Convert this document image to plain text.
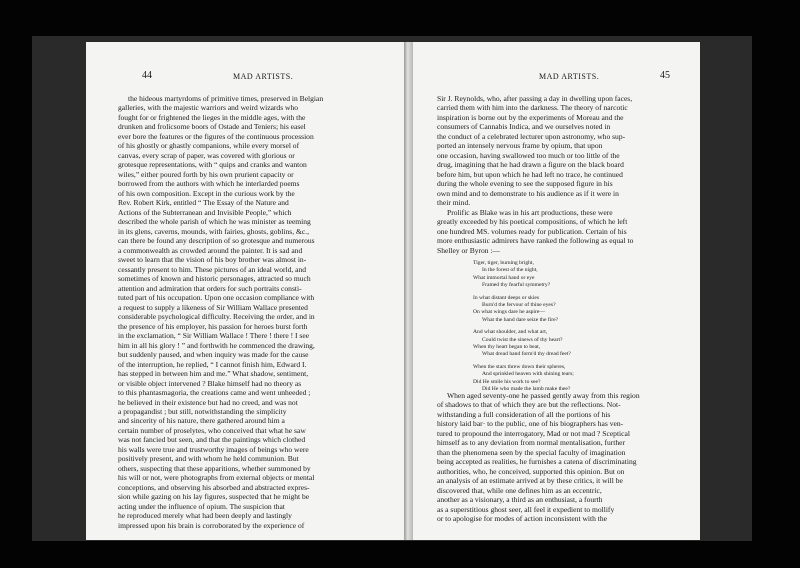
44	MAD ARTISTS.
the hideous martyrdoms of primitive times, preserved in Belgian
galleries, with the majestic warriors and weird wizards who
fought for or frightened the lieges in the middle ages, with the
drunken and frolicsome boors of Ostade and Teniers; his easel
ever bore the features or the figures of the continuous procession
of his ghostly or ghastly companions, while every morsel of
canvas, every scrap of paper, was covered with glorious or
grotesque representations, with “ quips and cranks and wanton
wiles,” either poured forth by his own prurient capacity or
borrowed from the authors with which he interlarded poems
of his own composition. Except in the curious work by the
Rev. Robert Kirk, entitled “ The Essay of the Nature and
Actions of the Subterranean and Invisible People,” which
described the whole parish of which he was minister as teeming
in its glens, caverns, mounds, with fairies, ghosts, goblins, &c.,
can there be found any description of so grotesque and numerous
a commonwealth as crowded around the painter. It is sad and
sweet to learn that the vision of his boy brother was almost in-
cessantly present to him. These pictures of an ideal world, and
sometimes of known and historic personages, attracted so much
attention and admiration that orders for such portraits consti-
tuted part of his occupation. Upon one occasion compliance with
a request to supply a likeness of Sir William Wallace presented
considerable psychological difficulty. Receiving the order, and in
the presence of his employer, his passion for heroes burst forth
in the exclamation, “ Sir William Wallace ! There ! there ! I see
him in all his glory ! ” and forthwith he commenced the drawing,
but suddenly paused, and when inquiry was made for the cause
of the interruption, he replied, “ I cannot finish him, Edward I.
has stepped in between him and me.” What shadow, sentiment,
or visible object intervened ? Blake himself had no theory as
to this phantasmagoria, the creations came and went unheeded ;
he believed in their existence but had no creed, and was not
a propagandist ; but still, notwithstanding the simplicity
and sincerity of his nature, there gathered around him a
certain number of proselytes, who conceived that what he saw
was not fancied but seen, and that the paintings which clothed
his walls were true and trustworthy images of beings who were
positively present, and with whom he held communion. But
others, suspecting that these apparitions, whether summoned by
his will or not, were photographs from external objects or mental
conceptions, and observing his absorbed and abstracted expres-
sion while gazing on his lay figures, suspected that he might be
acting under the influence of opium. The suspicion that
he reproduced merely what had been deeply and lastingly
impressed upon his brain is corroborated by the experience of
MAD ARTISTS.	45
Sir J. Reynolds, who, after passing a day in dwelling upon faces,
carried them with him into the darkness. The theory of narcotic
inspiration is borne out by the experiments of Moreau and the
consumers of Cannabis Indica, and we ourselves noted in
the conduct of a celebrated lecturer upon astronomy, who sup-
ported an intensely nervous frame by opium, that upon
one occasion, having swallowed too much or too little of the
drug, imagining that he had drawn a figure on the black board
before him, but upon which he had left no trace, he continued
during the whole evening to see the supposed figure in his
own mind and to demonstrate to his audience as if it were in
their mind.
Prolific as Blake was in his art productions, these were
greatly exceeded by his poetical compositions, of which he left
one hundred MS. volumes ready for publication. Certain of his
more enthusiastic admirers have ranked the following as equal to
Shelley or Byron :—
Tiger, tiger, burning bright,
In the forest of the night,
What immortal hand or eye
Framed thy fearful symmetry?
In what distant deeps or skies
Burn'd the fervour of thine eyes?
On what wings dare he aspire—
What the hand dare seize the fire?
And what shoulder, and what art,
Could twist the sinews of thy heart?
When thy heart began to beat,
What dread hand form'd thy dread feet?
When the stars threw down their spheres,
And sprinkled heaven with shining tears;
Did He smile his work to see?
Did He who made the lamb make thee?
When aged seventy-one he passed gently away from this region
of shadows to that of which they are but the reflections. Not-
withstanding a full consideration of all the portions of his
history laid bar· to the public, one of his biographers has ven-
tured to propound the interrogatory, Mad or not mad ? Sceptical
himself as to any deviation from normal mentalisation, further
than the phenomena seen by the special faculty of imagination
being accepted as realities, he furnishes a catena of discriminating
authorities, who, he conceived, supported this opinion. But on
an analysis of an estimate arrived at by these critics, it will be
discovered that, while one defines him as an eccentric,
another as a visionary, a third as an enthusiast, a fourth
as a superstitious ghost seer, all feel it expedient to mollify
or to apologise for modes of action inconsistent with the
